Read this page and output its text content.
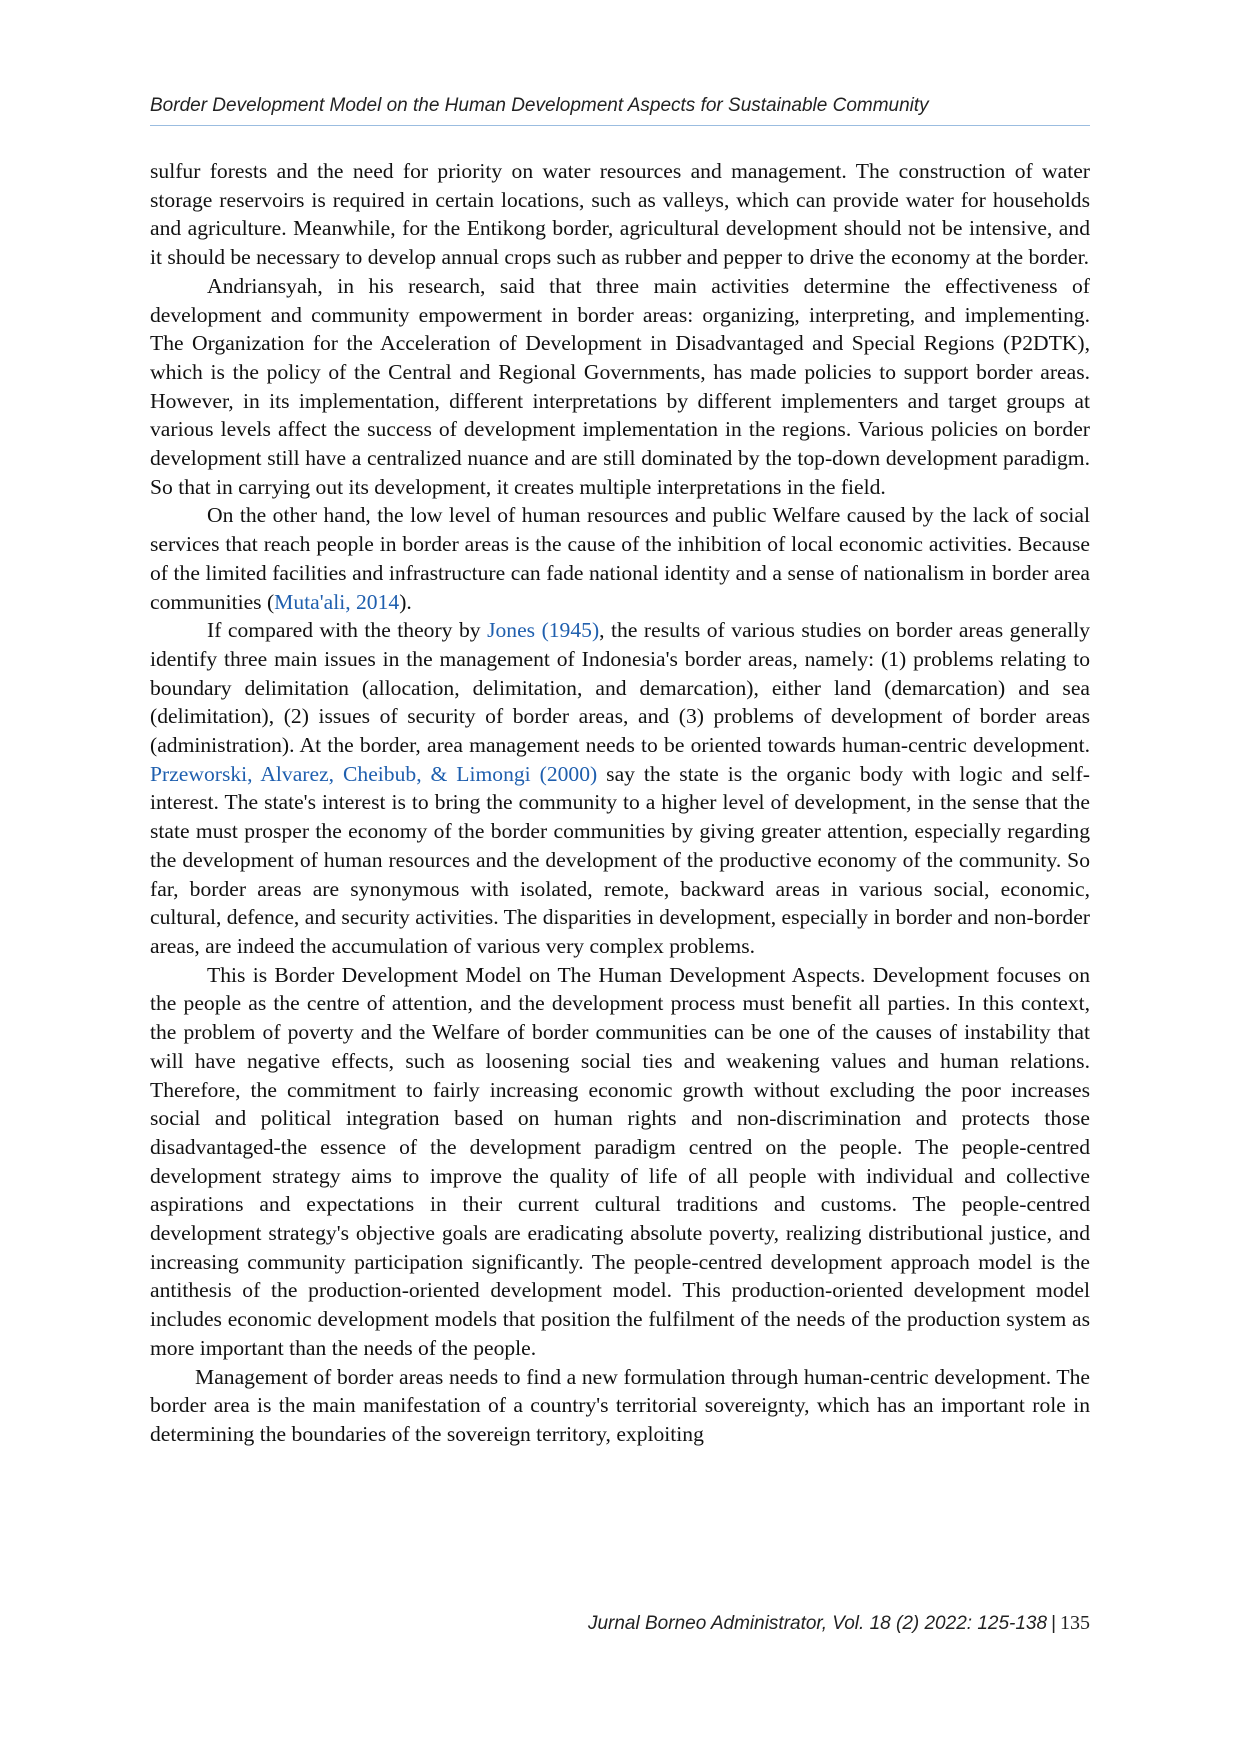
Border Development Model on the Human Development Aspects for Sustainable Community

sulfur forests and the need for priority on water resources and management. The construction of water storage reservoirs is required in certain locations, such as valleys, which can provide water for households and agriculture. Meanwhile, for the Entikong border, agricultural development should not be intensive, and it should be necessary to develop annual crops such as rubber and pepper to drive the economy at the border.

Andriansyah, in his research, said that three main activities determine the effectiveness of development and community empowerment in border areas: organizing, interpreting, and implementing. The Organization for the Acceleration of Development in Disadvantaged and Special Regions (P2DTK), which is the policy of the Central and Regional Governments, has made policies to support border areas. However, in its implementation, different interpretations by different implementers and target groups at various levels affect the success of development implementation in the regions. Various policies on border development still have a centralized nuance and are still dominated by the top-down development paradigm. So that in carrying out its development, it creates multiple interpretations in the field.

On the other hand, the low level of human resources and public Welfare caused by the lack of social services that reach people in border areas is the cause of the inhibition of local economic activities. Because of the limited facilities and infrastructure can fade national identity and a sense of nationalism in border area communities (Muta'ali, 2014).

If compared with the theory by Jones (1945), the results of various studies on border areas generally identify three main issues in the management of Indonesia's border areas, namely: (1) problems relating to boundary delimitation (allocation, delimitation, and demarcation), either land (demarcation) and sea (delimitation), (2) issues of security of border areas, and (3) problems of development of border areas (administration). At the border, area management needs to be oriented towards human-centric development. Przeworski, Alvarez, Cheibub, & Limongi (2000) say the state is the organic body with logic and self-interest. The state's interest is to bring the community to a higher level of development, in the sense that the state must prosper the economy of the border communities by giving greater attention, especially regarding the development of human resources and the development of the productive economy of the community. So far, border areas are synonymous with isolated, remote, backward areas in various social, economic, cultural, defence, and security activities. The disparities in development, especially in border and non-border areas, are indeed the accumulation of various very complex problems.

This is Border Development Model on The Human Development Aspects. Development focuses on the people as the centre of attention, and the development process must benefit all parties. In this context, the problem of poverty and the Welfare of border communities can be one of the causes of instability that will have negative effects, such as loosening social ties and weakening values and human relations. Therefore, the commitment to fairly increasing economic growth without excluding the poor increases social and political integration based on human rights and non-discrimination and protects those disadvantaged-the essence of the development paradigm centred on the people. The people-centred development strategy aims to improve the quality of life of all people with individual and collective aspirations and expectations in their current cultural traditions and customs. The people-centred development strategy's objective goals are eradicating absolute poverty, realizing distributional justice, and increasing community participation significantly. The people-centred development approach model is the antithesis of the production-oriented development model. This production-oriented development model includes economic development models that position the fulfilment of the needs of the production system as more important than the needs of the people.

Management of border areas needs to find a new formulation through human-centric development. The border area is the main manifestation of a country's territorial sovereignty, which has an important role in determining the boundaries of the sovereign territory, exploiting

Jurnal Borneo Administrator, Vol. 18 (2) 2022: 125-138 | 135
